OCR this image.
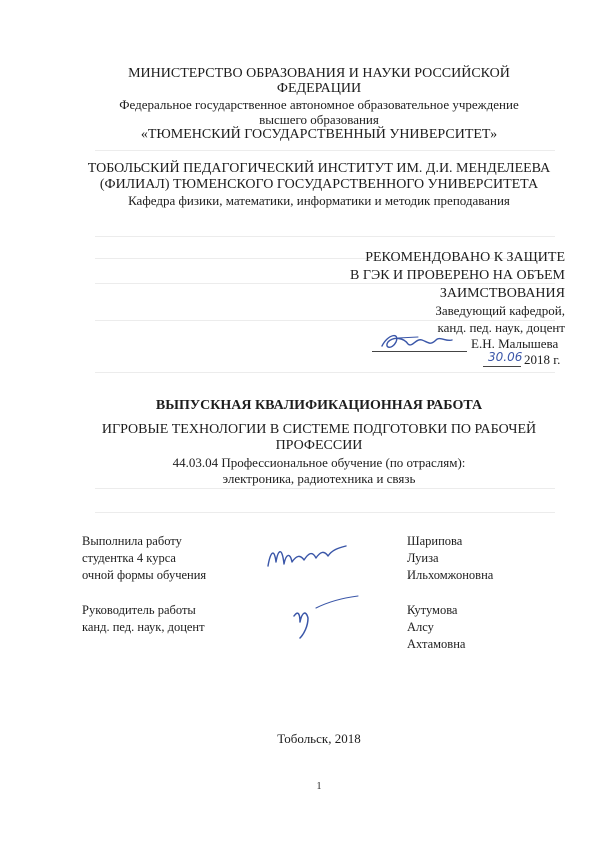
МИНИСТЕРСТВО ОБРАЗОВАНИЯ И НАУКИ РОССИЙСКОЙ
ФЕДЕРАЦИИ
Федеральное государственное автономное образовательное учреждение
высшего образования
«ТЮМЕНСКИЙ ГОСУДАРСТВЕННЫЙ УНИВЕРСИТЕТ»
ТОБОЛЬСКИЙ ПЕДАГОГИЧЕСКИЙ ИНСТИТУТ ИМ. Д.И. МЕНДЕЛЕЕВА
(ФИЛИАЛ) ТЮМЕНСКОГО ГОСУДАРСТВЕННОГО УНИВЕРСИТЕТА
Кафедра физики, математики, информатики и методик преподавания
РЕКОМЕНДОВАНО К ЗАЩИТЕ
В ГЭК И ПРОВЕРЕНО НА ОБЪЕМ
ЗАИМСТВОВАНИЯ
Заведующий кафедрой,
канд. пед. наук, доцент
Е.Н. Малышева
30.06 2018 г.
ВЫПУСКНАЯ КВАЛИФИКАЦИОННАЯ РАБОТА
ИГРОВЫЕ ТЕХНОЛОГИИ В СИСТЕМЕ ПОДГОТОВКИ ПО РАБОЧЕЙ
ПРОФЕССИИ
44.03.04 Профессиональное обучение (по отраслям):
электроника, радиотехника и связь
Выполнила работу
студентка 4 курса
очной формы обучения
Шарипова
Луиза
Ильхомжоновна
Руководитель работы
канд. пед. наук, доцент
Кутумова
Алсу
Ахтамовна
Тобольск, 2018
1
